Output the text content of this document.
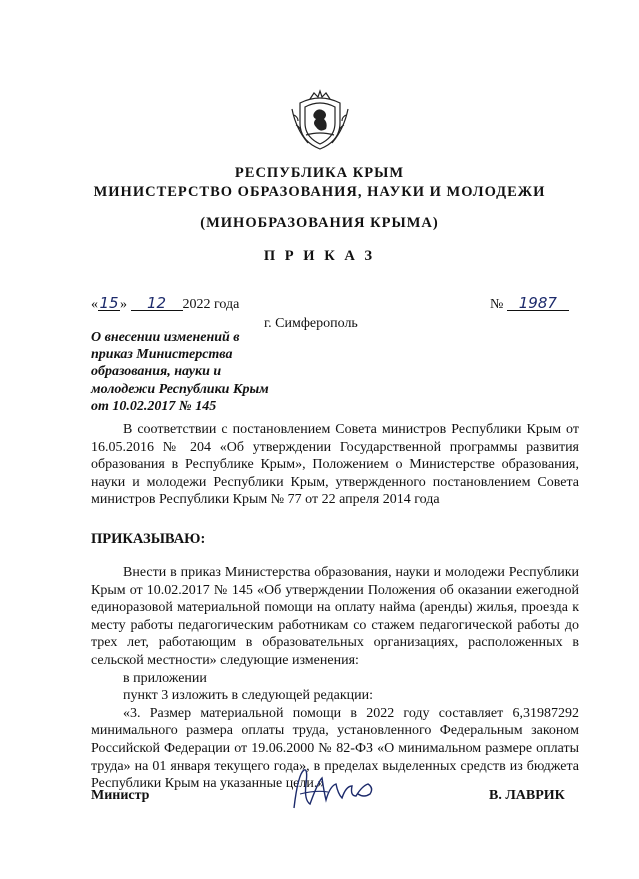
РЕСПУБЛИКА КРЫМ
МИНИСТЕРСТВО ОБРАЗОВАНИЯ, НАУКИ И МОЛОДЕЖИ
(МИНОБРАЗОВАНИЯ КРЫМА)
П Р И К А З
«15» 12 2022 года	№ 1987
г. Симферополь
О внесении изменений в приказ Министерства образования, науки и молодежи Республики Крым от 10.02.2017 № 145

В соответствии с постановлением Совета министров Республики Крым от 16.05.2016 № 204 «Об утверждении Государственной программы развития образования в Республике Крым», Положением о Министерстве образования, науки и молодежи Республики Крым, утвержденного постановлением Совета министров Республики Крым № 77 от 22 апреля 2014 года

ПРИКАЗЫВАЮ:

Внести в приказ Министерства образования, науки и молодежи Республики Крым от 10.02.2017 № 145 «Об утверждении Положения об оказании ежегодной единоразовой материальной помощи на оплату найма (аренды) жилья, проезда к месту работы педагогическим работникам со стажем педагогической работы до трех лет, работающим в образовательных организациях, расположенных в сельской местности» следующие изменения:

в приложении

пункт 3 изложить в следующей редакции:

«3. Размер материальной помощи в 2022 году составляет 6,31987292 минимального размера оплаты труда, установленного Федеральным законом Российской Федерации от 19.06.2000 № 82-ФЗ «О минимальном размере оплаты труда» на 01 января текущего года», в пределах выделенных средств из бюджета Республики Крым на указанные цели.»

Министр	В. ЛАВРИК
